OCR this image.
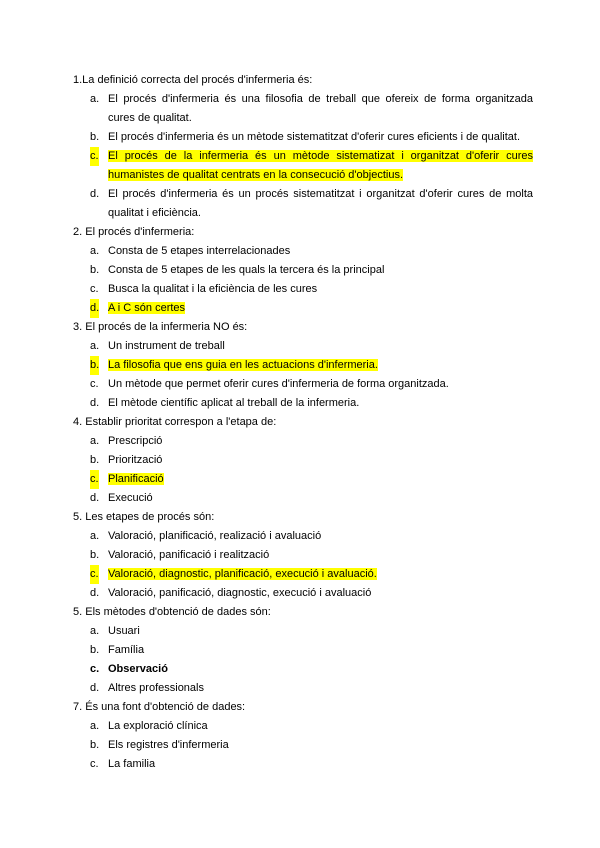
1.La definició correcta del procés d'infermeria és:
a. El procés d'infermeria és una filosofia de treball que ofereix de forma organitzada cures de qualitat.
b. El procés d'infermeria és un mètode sistematitzat d'oferir cures eficients i de qualitat.
c. El procés de la infermeria és un mètode sistematizat i organitzat d'oferir cures humanistes de qualitat centrats en la consecució d'objectius.
d. El procés d'infermeria és un procés sistematitzat i organitzat d'oferir cures de molta qualitat i eficiència.
2. El procés d'infermeria:
a. Consta de 5 etapes interrelacionades
b. Consta de 5 etapes de les quals la tercera és la principal
c. Busca la qualitat i la eficiència de les cures
d. A i C són certes
3. El procés de la infermeria NO és:
a. Un instrument de treball
b. La filosofia que ens guia en les actuacions d'infermeria.
c. Un mètode que permet oferir cures d'infermeria de forma organitzada.
d. El mètode científic aplicat al treball de la infermeria.
4. Establir prioritat correspon a l'etapa de:
a. Prescripció
b. Priorització
c. Planificació
d. Execució
5. Les etapes de procés són:
a. Valoració, planificació, realizació i avaluació
b. Valoració, panificació i realització
c. Valoració, diagnostic, planificació, execució i avaluació.
d. Valoració, panificació, diagnostic, execució i avaluació
5. Els mètodes d'obtenció de dades són:
a. Usuari
b. Família
c. Observació
d. Altres professionals
7. És una font d'obtenció de dades:
a. La exploració clínica
b. Els registres d'infermeria
c. La familia
